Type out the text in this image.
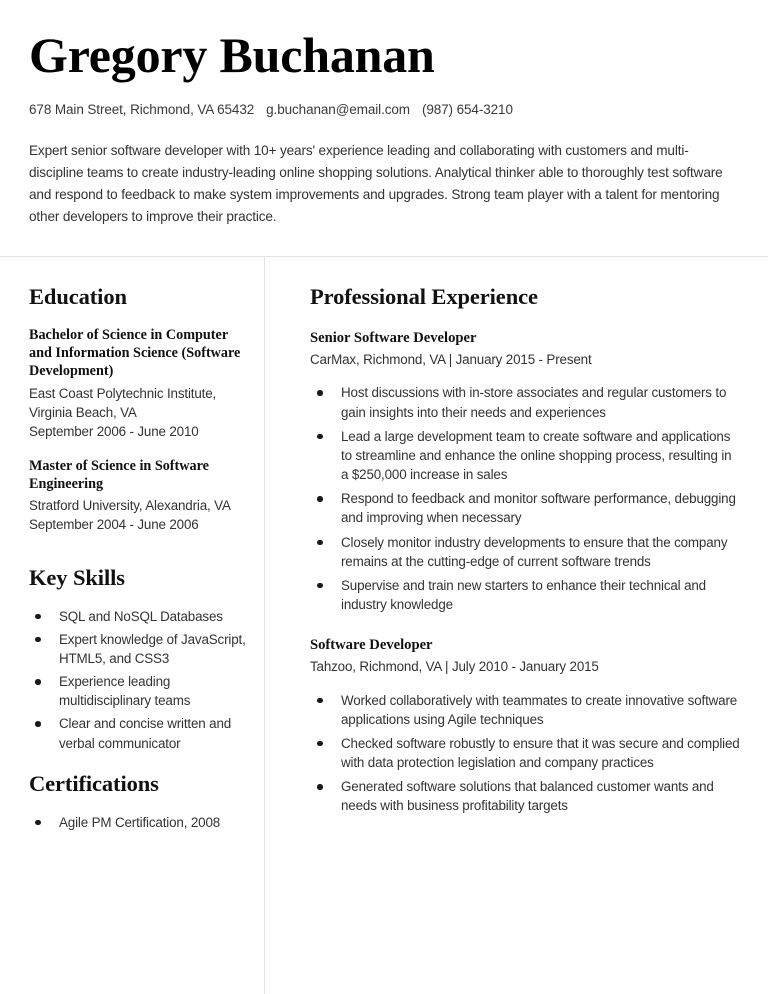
Gregory Buchanan
678 Main Street, Richmond, VA 65432 g.buchanan@email.com (987) 654-3210
Expert senior software developer with 10+ years' experience leading and collaborating with customers and multi-discipline teams to create industry-leading online shopping solutions. Analytical thinker able to thoroughly test software and respond to feedback to make system improvements and upgrades. Strong team player with a talent for mentoring other developers to improve their practice.
Education
Bachelor of Science in Computer and Information Science (Software Development)
East Coast Polytechnic Institute, Virginia Beach, VA
September 2006 - June 2010
Master of Science in Software Engineering
Stratford University, Alexandria, VA
September 2004 - June 2006
Key Skills
SQL and NoSQL Databases
Expert knowledge of JavaScript, HTML5, and CSS3
Experience leading multidisciplinary teams
Clear and concise written and verbal communicator
Certifications
Agile PM Certification, 2008
Professional Experience
Senior Software Developer
CarMax, Richmond, VA | January 2015 - Present
Host discussions with in-store associates and regular customers to gain insights into their needs and experiences
Lead a large development team to create software and applications to streamline and enhance the online shopping process, resulting in a $250,000 increase in sales
Respond to feedback and monitor software performance, debugging and improving when necessary
Closely monitor industry developments to ensure that the company remains at the cutting-edge of current software trends
Supervise and train new starters to enhance their technical and industry knowledge
Software Developer
Tahzoo, Richmond, VA | July 2010 - January 2015
Worked collaboratively with teammates to create innovative software applications using Agile techniques
Checked software robustly to ensure that it was secure and complied with data protection legislation and company practices
Generated software solutions that balanced customer wants and needs with business profitability targets
